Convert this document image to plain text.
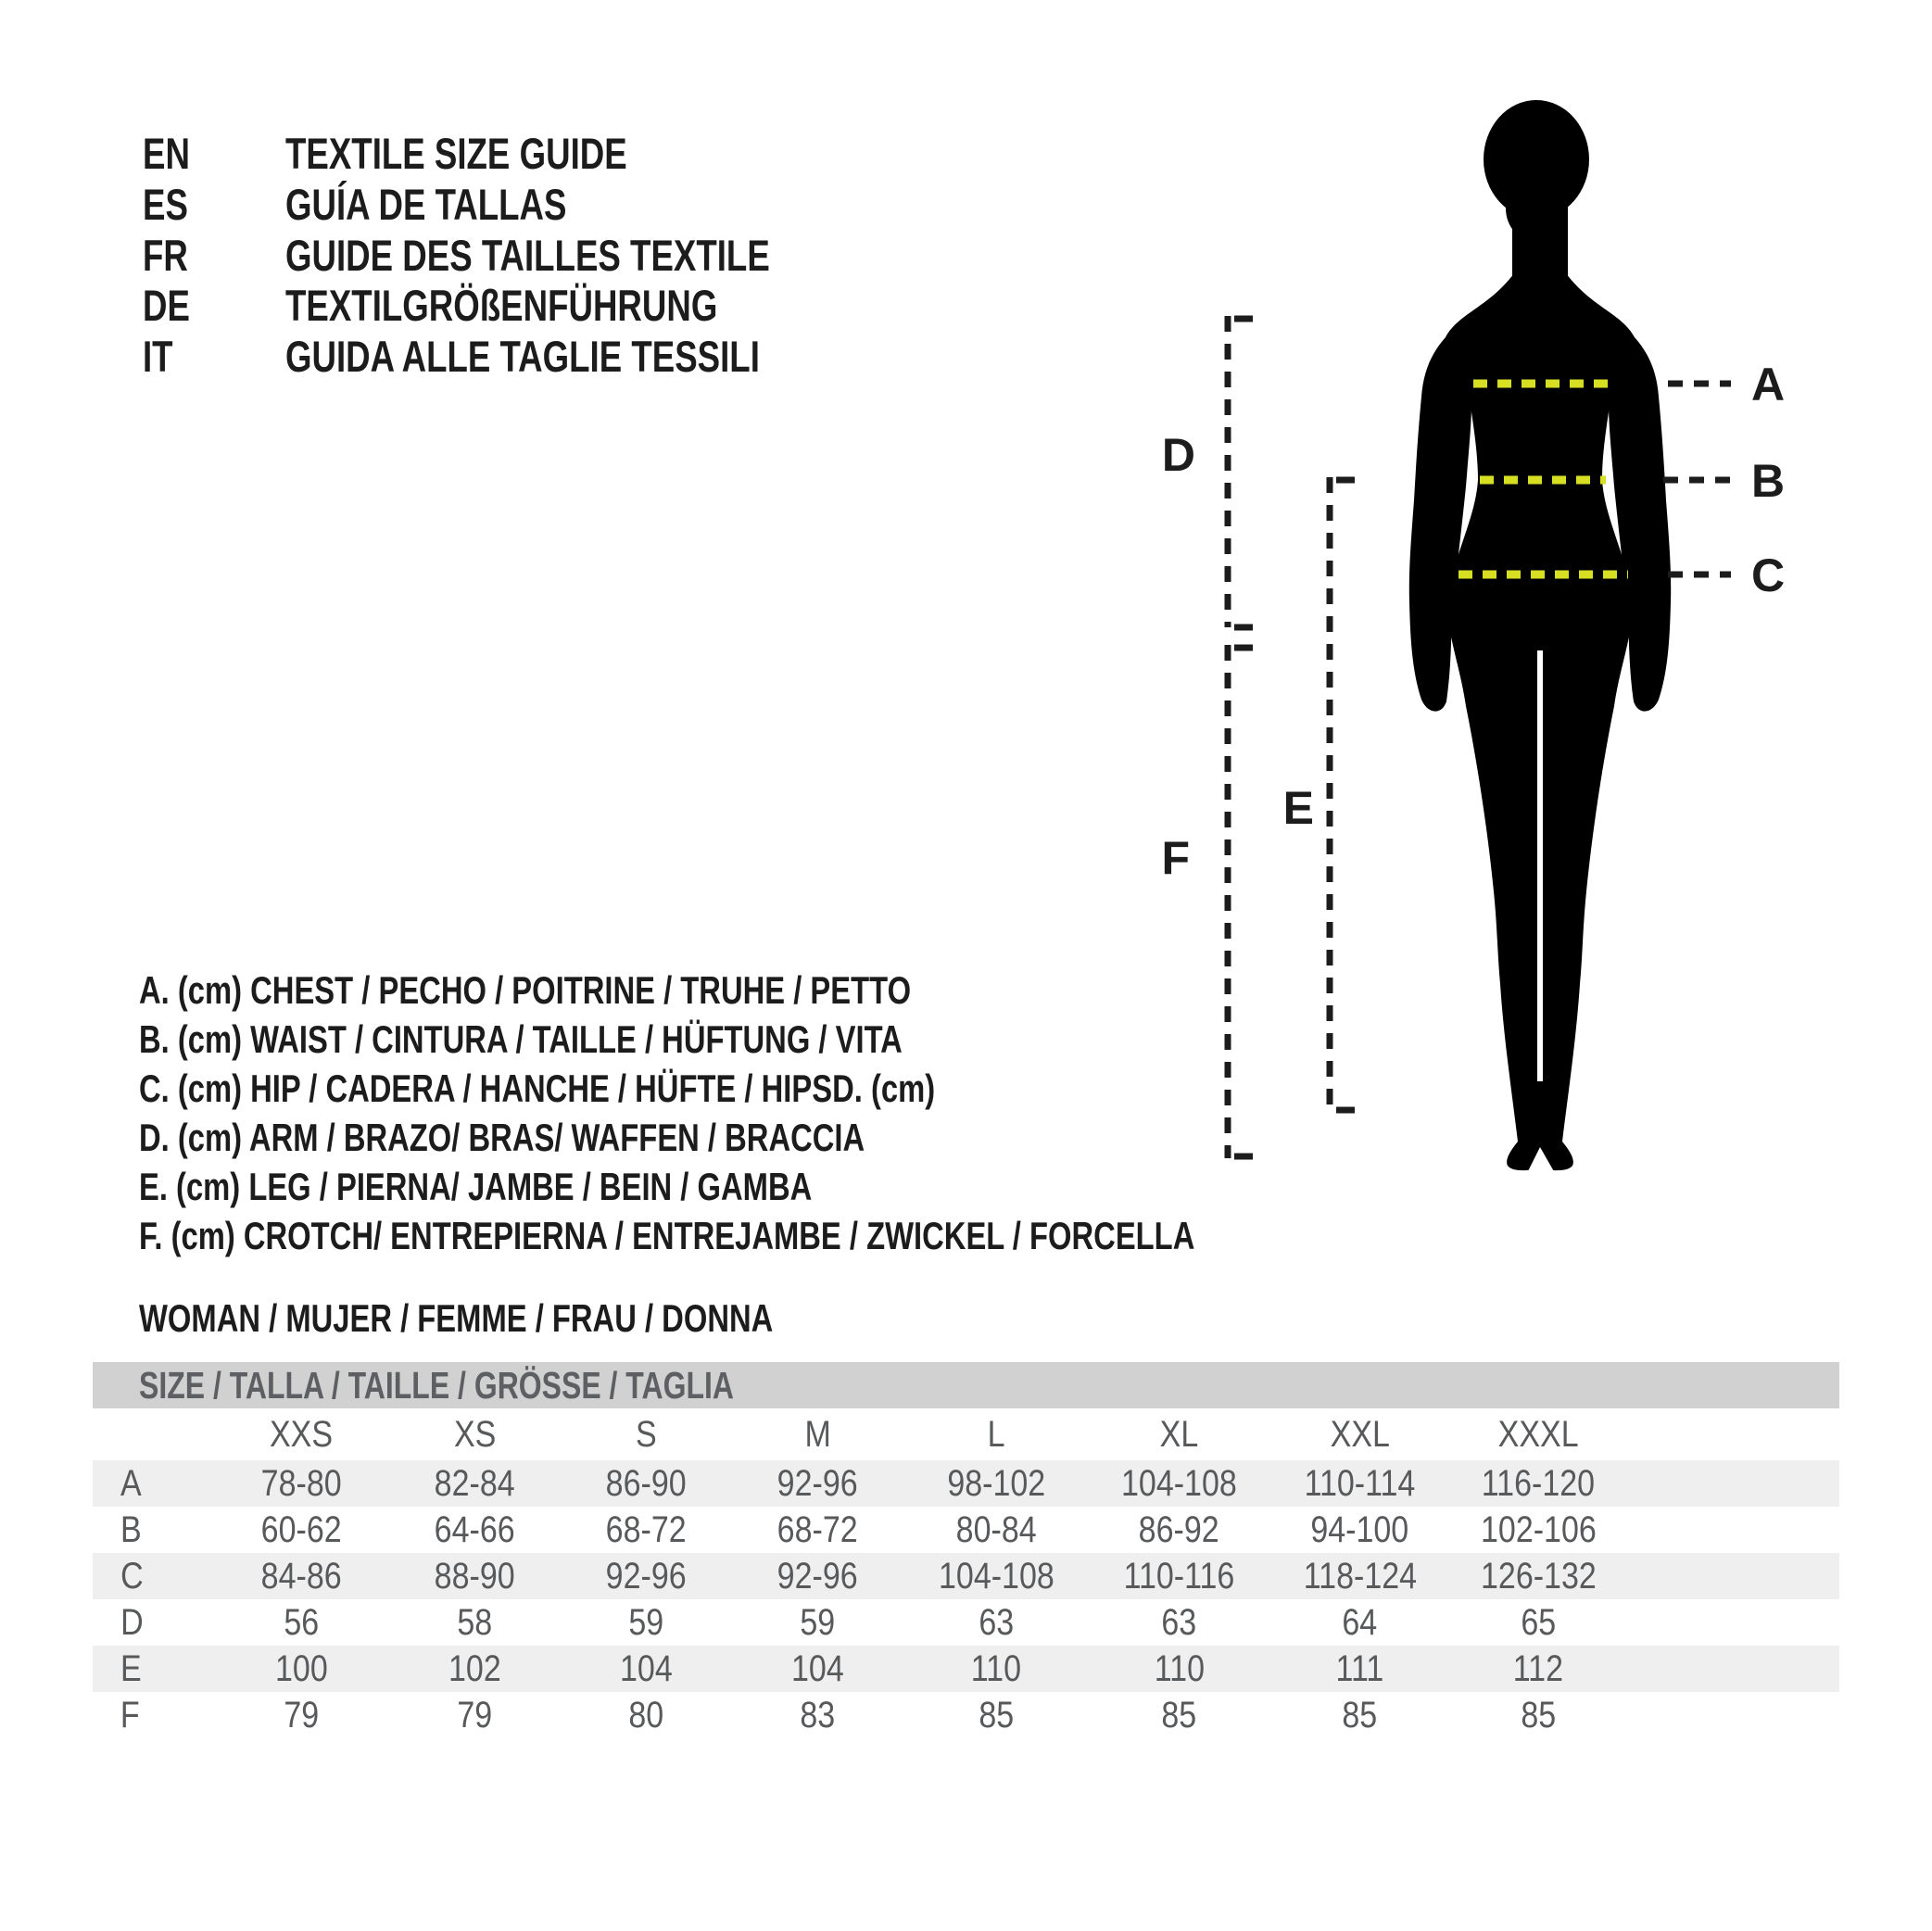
EN TEXTILE SIZE GUIDE
ES GUÍA DE TALLAS
FR GUIDE DES TAILLES TEXTILE
DE TEXTILGRÖßENFÜHRUNG
IT	GUIDA ALLE TAGLIE TESSILI
A
B
C
D
E
F
A. (cm) CHEST / PECHO / POITRINE / TRUHE / PETTO
B. (cm) WAIST / CINTURA / TAILLE / HÜFTUNG / VITA
C. (cm) HIP / CADERA / HANCHE / HÜFTE / HIPSD. (cm)
D. (cm) ARM / BRAZO/ BRAS/ WAFFEN / BRACCIA
E. (cm) LEG / PIERNA/ JAMBE / BEIN / GAMBA
F. (cm) CROTCH/ ENTREPIERNA / ENTREJAMBE / ZWICKEL / FORCELLA
WOMAN / MUJER / FEMME / FRAU / DONNA
SIZE / TALLA / TAILLE / GRÖSSE / TAGLIA
	XXS	XS	S	M	L	XL	XXL	XXXL	
A	78-80	82-84	86-90	92-96	98-102	104-108	110-114	116-120	
B	60-62	64-66	68-72	68-72	80-84	86-92	94-100	102-106	
C	84-86	88-90	92-96	92-96	104-108	110-116	118-124	126-132	
D	56	58	59	59	63	63	64	65	
E	100	102	104	104	110	110	111	112	
F	79	79	80	83	85	85	85	85	
